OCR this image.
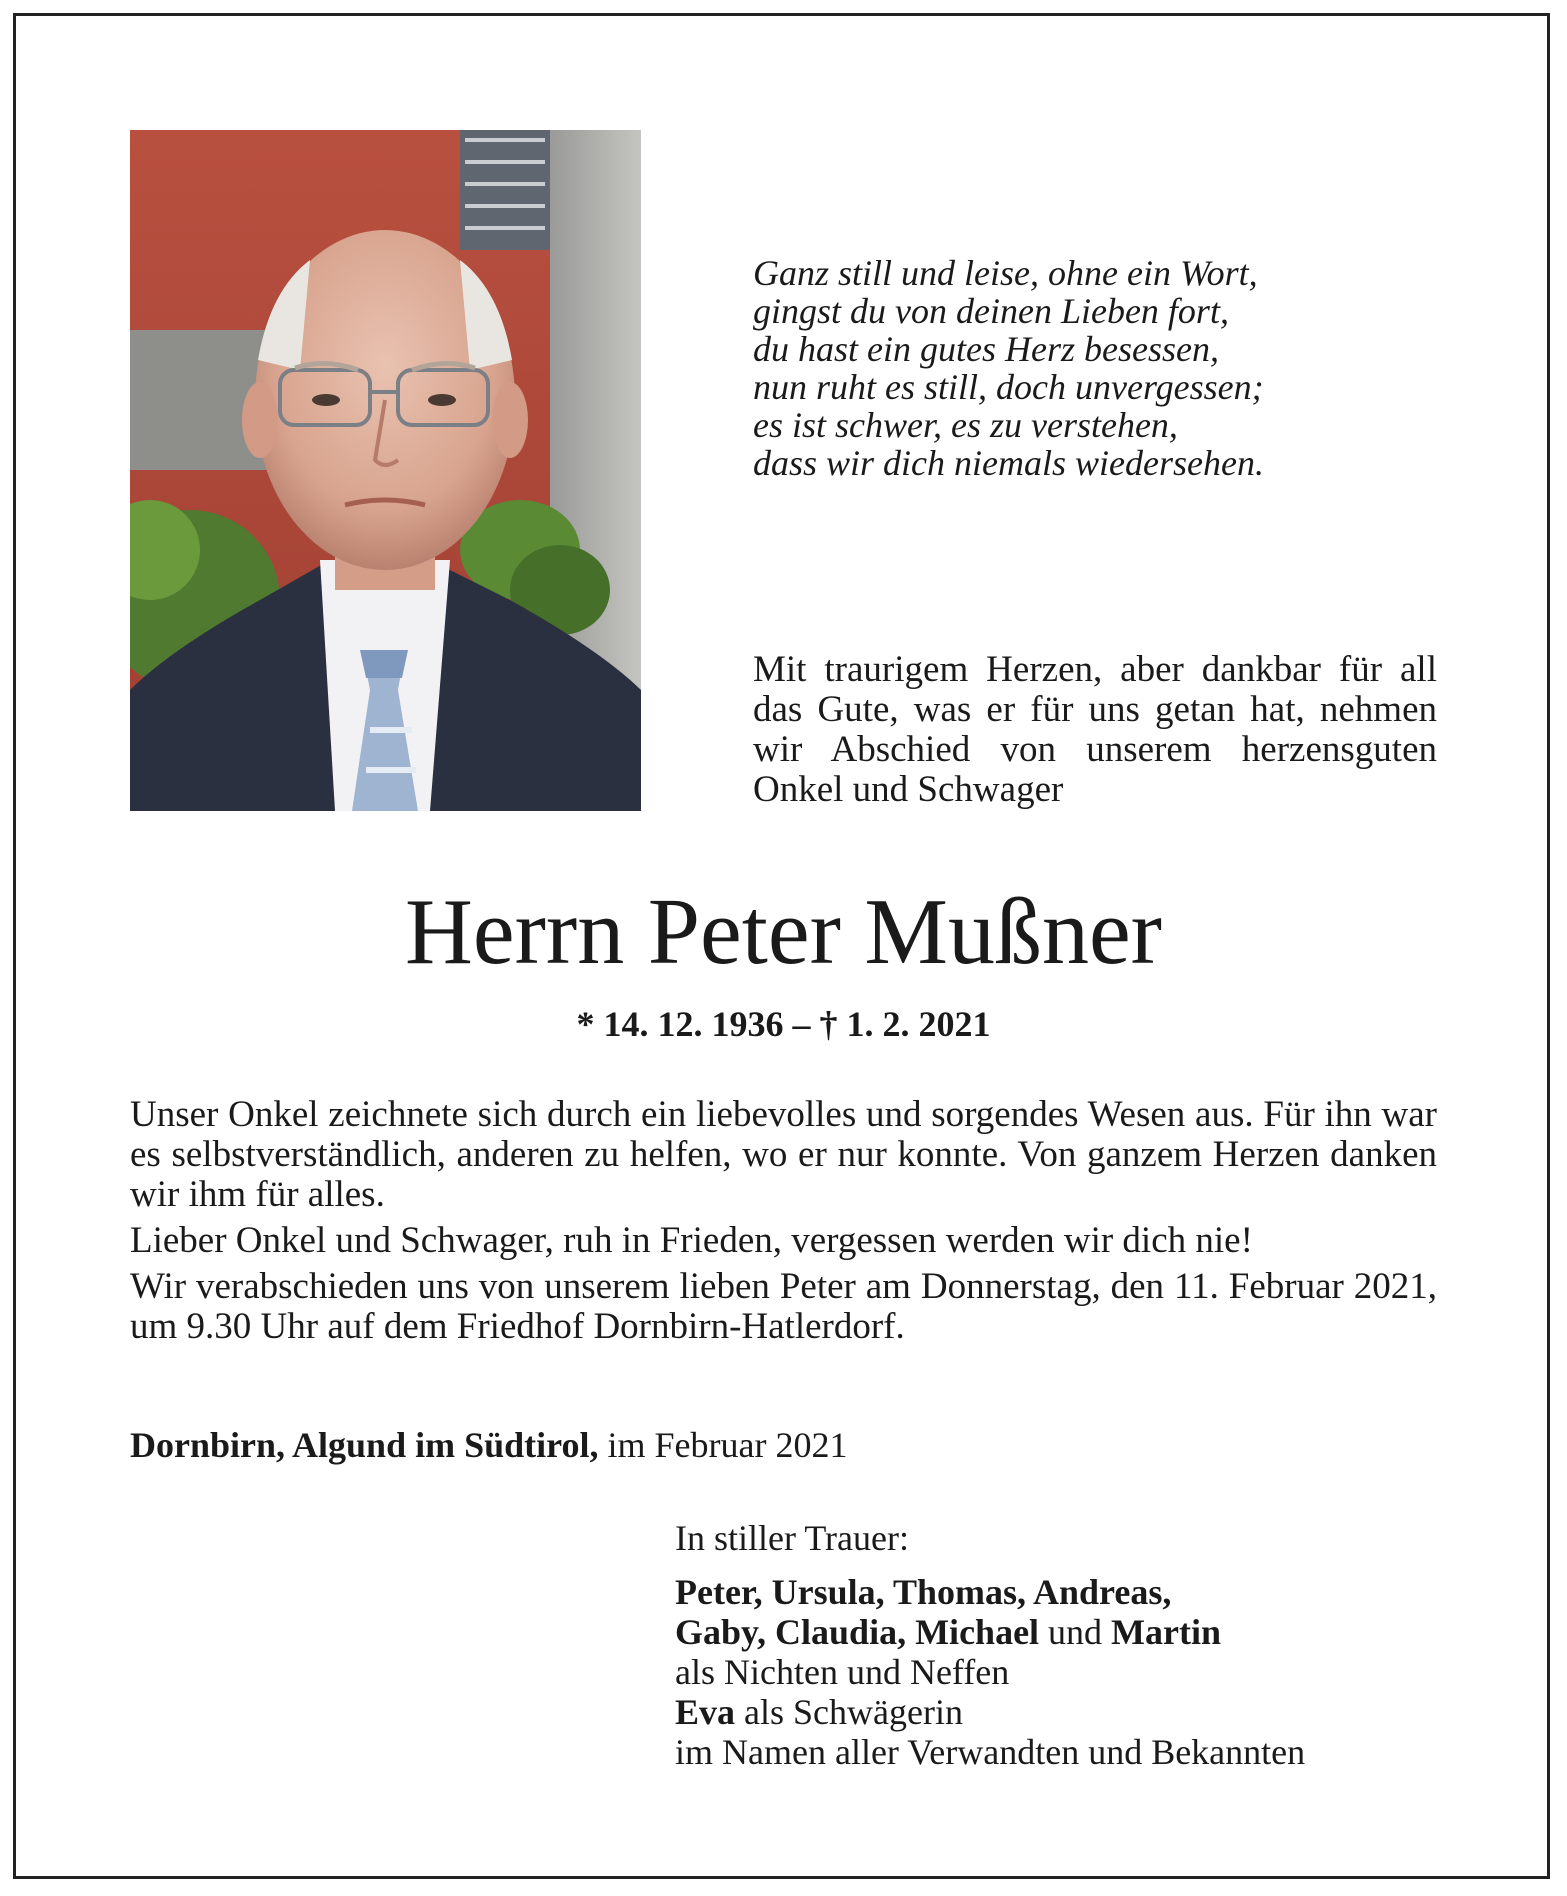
Ganz still und leise, ohne ein Wort,
gingst du von deinen Lieben fort,
du hast ein gutes Herz besessen,
nun ruht es still, doch unvergessen;
es ist schwer, es zu verstehen,
dass wir dich niemals wiedersehen.
Mit traurigem Herzen, aber dankbar für all das Gute, was er für uns getan hat, nehmen wir Abschied von unserem herzensguten Onkel und Schwager
Herrn Peter Mußner
* 14. 12. 1936 – † 1. 2. 2021

Unser Onkel zeichnete sich durch ein liebevolles und sorgendes Wesen aus. Für ihn war es selbstverständlich, anderen zu helfen, wo er nur konnte. Von ganzem Herzen danken wir ihm für alles.

Lieber Onkel und Schwager, ruh in Frieden, vergessen werden wir dich nie!

Wir verabschieden uns von unserem lieben Peter am Donnerstag, den 11. Februar 2021, um 9.30 Uhr auf dem Friedhof Dornbirn-Hatlerdorf.

Dornbirn, Algund im Südtirol, im Februar 2021
In stiller Trauer:
Peter, Ursula, Thomas, Andreas,
Gaby, Claudia, Michael und Martin
als Nichten und Neffen
Eva als Schwägerin
im Namen aller Verwandten und Bekannten
